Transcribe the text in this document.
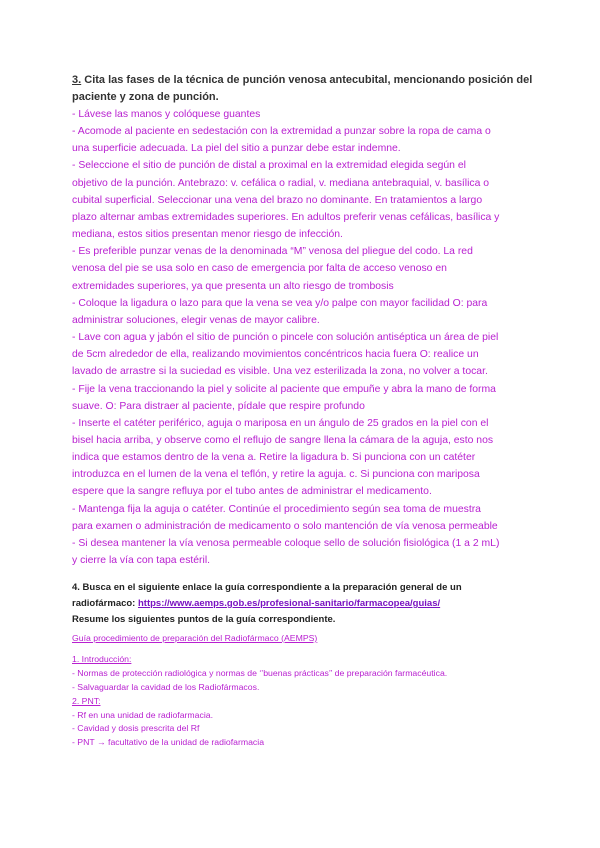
3. Cita las fases de la técnica de punción venosa antecubital, mencionando posición del
paciente y zona de punción.
- Lávese las manos y colóquese guantes
- Acomode al paciente en sedestación con la extremidad a punzar sobre la ropa de cama o
una superficie adecuada. La piel del sitio a punzar debe estar indemne.
- Seleccione el sitio de punción de distal a proximal en la extremidad elegida según el
objetivo de la punción. Antebrazo: v. cefálica o radial, v. mediana antebraquial, v. basílica o
cubital superficial. Seleccionar una vena del brazo no dominante. En tratamientos a largo
plazo alternar ambas extremidades superiores. En adultos preferir venas cefálicas, basílica y
mediana, estos sitios presentan menor riesgo de infección.
- Es preferible punzar venas de la denominada “M” venosa del pliegue del codo. La red
venosa del pie se usa solo en caso de emergencia por falta de acceso venoso en
extremidades superiores, ya que presenta un alto riesgo de trombosis
- Coloque la ligadura o lazo para que la vena se vea y/o palpe con mayor facilidad O: para
administrar soluciones, elegir venas de mayor calibre.
- Lave con agua y jabón el sitio de punción o pincele con solución antiséptica un área de piel
de 5cm alrededor de ella, realizando movimientos concéntricos hacia fuera O: realice un
lavado de arrastre si la suciedad es visible. Una vez esterilizada la zona, no volver a tocar.
- Fije la vena traccionando la piel y solicite al paciente que empuñe y abra la mano de forma
suave. O: Para distraer al paciente, pídale que respire profundo
- Inserte el catéter periférico, aguja o mariposa en un ángulo de 25 grados en la piel con el
bisel hacia arriba, y observe como el reflujo de sangre llena la cámara de la aguja, esto nos
indica que estamos dentro de la vena a. Retire la ligadura b. Si punciona con un catéter
introduzca en el lumen de la vena el teflón, y retire la aguja. c. Si punciona con mariposa
espere que la sangre refluya por el tubo antes de administrar el medicamento.
- Mantenga fija la aguja o catéter. Continúe el procedimiento según sea toma de muestra
para examen o administración de medicamento o solo mantención de vía venosa permeable
- Si desea mantener la vía venosa permeable coloque sello de solución fisiológica (1 a 2 mL)
y cierre la vía con tapa estéril.
4. Busca en el siguiente enlace la guía correspondiente a la preparación general de un
radiofármaco: https://www.aemps.gob.es/profesional-sanitario/farmacopea/guias/
Resume los siguientes puntos de la guía correspondiente.
Guía procedimiento de preparación del Radiofármaco (AEMPS)
1. Introducción:
- Normas de protección radiológica y normas de ‘’buenas prácticas’’ de preparación farmacéutica.
- Salvaguardar la cavidad de los Radiofármacos.
2. PNT:
- Rf en una unidad de radiofarmacia.
- Cavidad y dosis prescrita del Rf
- PNT → facultativo de la unidad de radiofarmacia
